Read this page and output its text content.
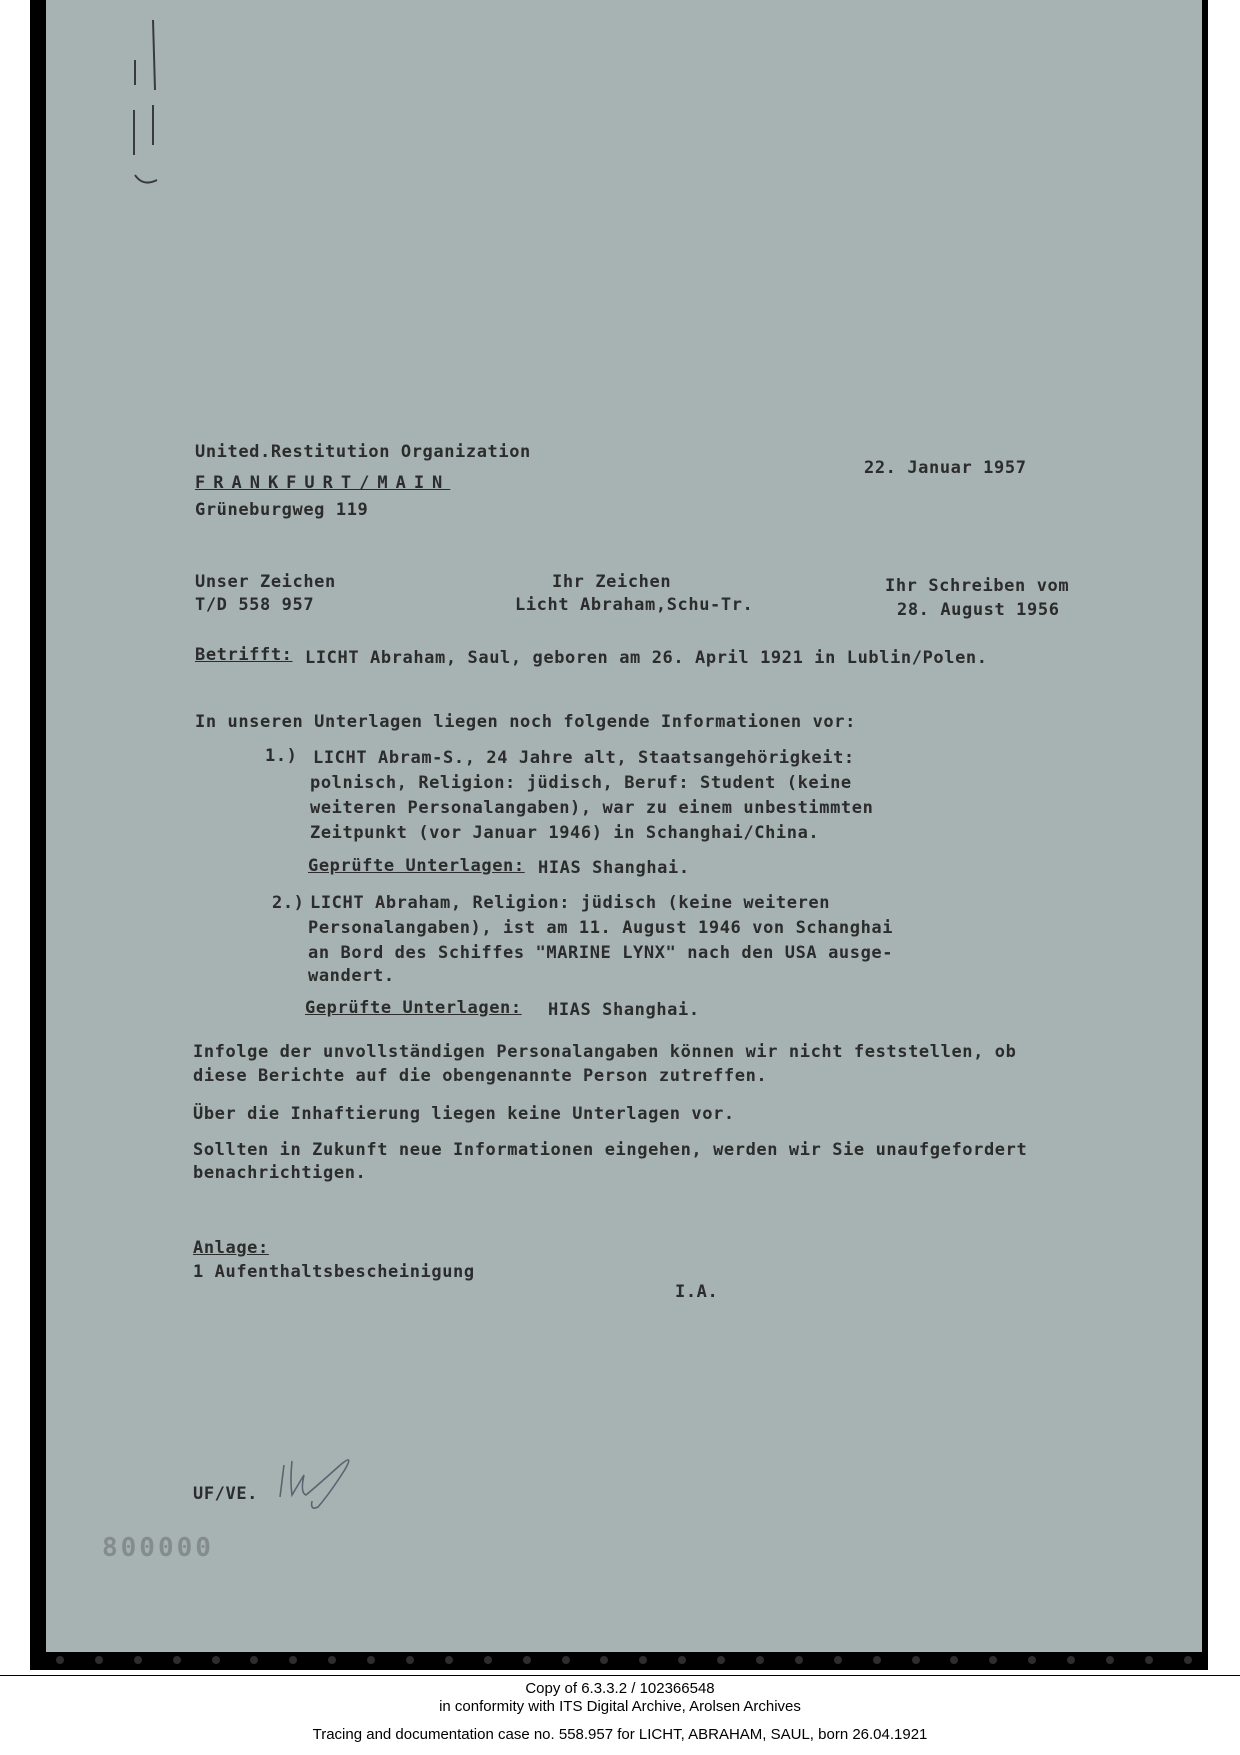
United.Restitution Organization
FRANKFURT/MAIN
Grüneburgweg 119
22. Januar 1957
Unser Zeichen
T/D 558 957
Ihr Zeichen
Licht Abraham,Schu-Tr.
Ihr Schreiben vom
28. August 1956
Betrifft: LICHT Abraham, Saul, geboren am 26. April 1921 in Lublin/Polen.
In unseren Unterlagen liegen noch folgende Informationen vor:
1.) LICHT Abram-S., 24 Jahre alt, Staatsangehörigkeit:
polnisch, Religion: jüdisch, Beruf: Student (keine
weiteren Personalangaben), war zu einem unbestimmten
Zeitpunkt (vor Januar 1946) in Schanghai/China.
Geprüfte Unterlagen: HIAS Shanghai.
2.) LICHT Abraham, Religion: jüdisch (keine weiteren
Personalangaben), ist am 11. August 1946 von Schanghai
an Bord des Schiffes "MARINE LYNX" nach den USA ausge-
wandert.
Geprüfte Unterlagen: HIAS Shanghai.
Infolge der unvollständigen Personalangaben können wir nicht feststellen, ob
diese Berichte auf die obengenannte Person zutreffen.
Über die Inhaftierung liegen keine Unterlagen vor.
Sollten in Zukunft neue Informationen eingehen, werden wir Sie unaufgefordert
benachrichtigen.
Anlage:
1 Aufenthaltsbescheinigung
I.A.
UF/VE.
800000
Copy of 6.3.3.2 / 102366548
in conformity with ITS Digital Archive, Arolsen Archives
Tracing and documentation case no. 558.957 for LICHT, ABRAHAM, SAUL, born 26.04.1921
